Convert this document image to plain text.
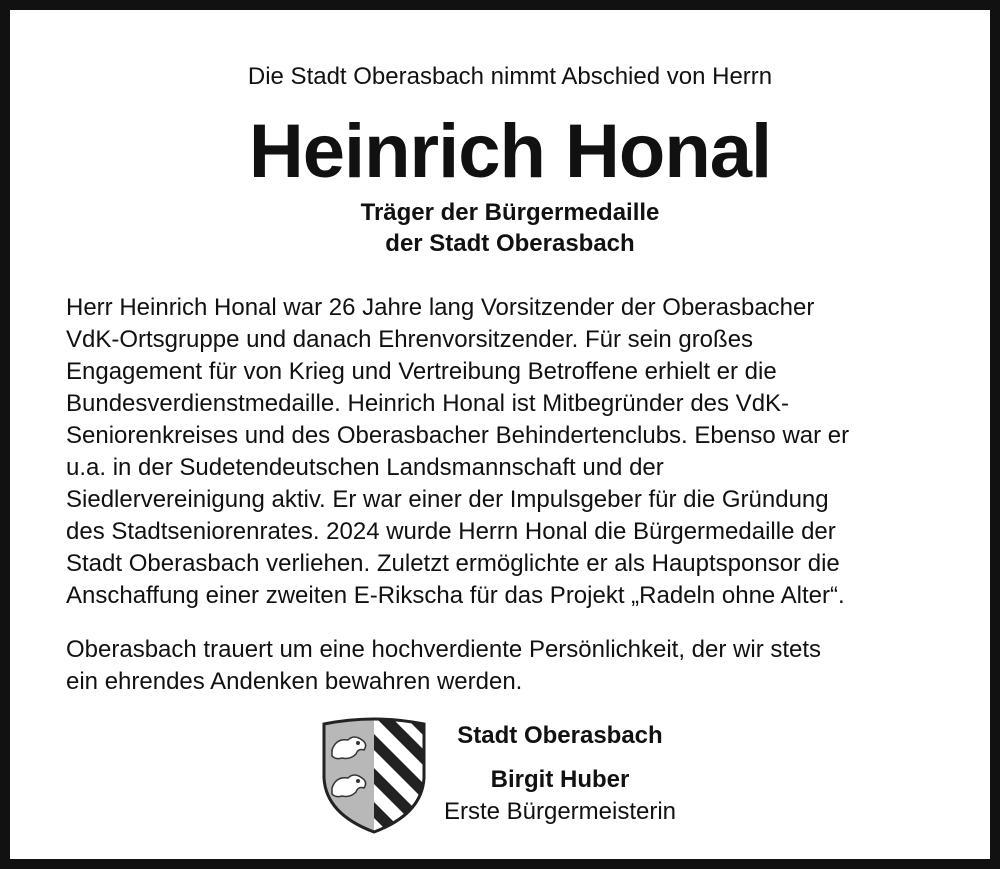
Die Stadt Oberasbach nimmt Abschied von Herrn
Heinrich Honal
Träger der Bürgermedaille
der Stadt Oberasbach
Herr Heinrich Honal war 26 Jahre lang Vorsitzender der Oberasbacher
VdK-Ortsgruppe und danach Ehrenvorsitzender. Für sein großes
Engagement für von Krieg und Vertreibung Betroffene erhielt er die
Bundesverdienstmedaille. Heinrich Honal ist Mitbegründer des VdK-
Seniorenkreises und des Oberasbacher Behindertenclubs. Ebenso war er
u.a. in der Sudetendeutschen Landsmannschaft und der
Siedlervereinigung aktiv. Er war einer der Impulsgeber für die Gründung
des Stadtseniorenrates. 2024 wurde Herrn Honal die Bürgermedaille der
Stadt Oberasbach verliehen. Zuletzt ermöglichte er als Hauptsponsor die
Anschaffung einer zweiten E-Rikscha für das Projekt „Radeln ohne Alter“.
Oberasbach trauert um eine hochverdiente Persönlichkeit, der wir stets
ein ehrendes Andenken bewahren werden.
Stadt Oberasbach
Birgit Huber
Erste Bürgermeisterin
